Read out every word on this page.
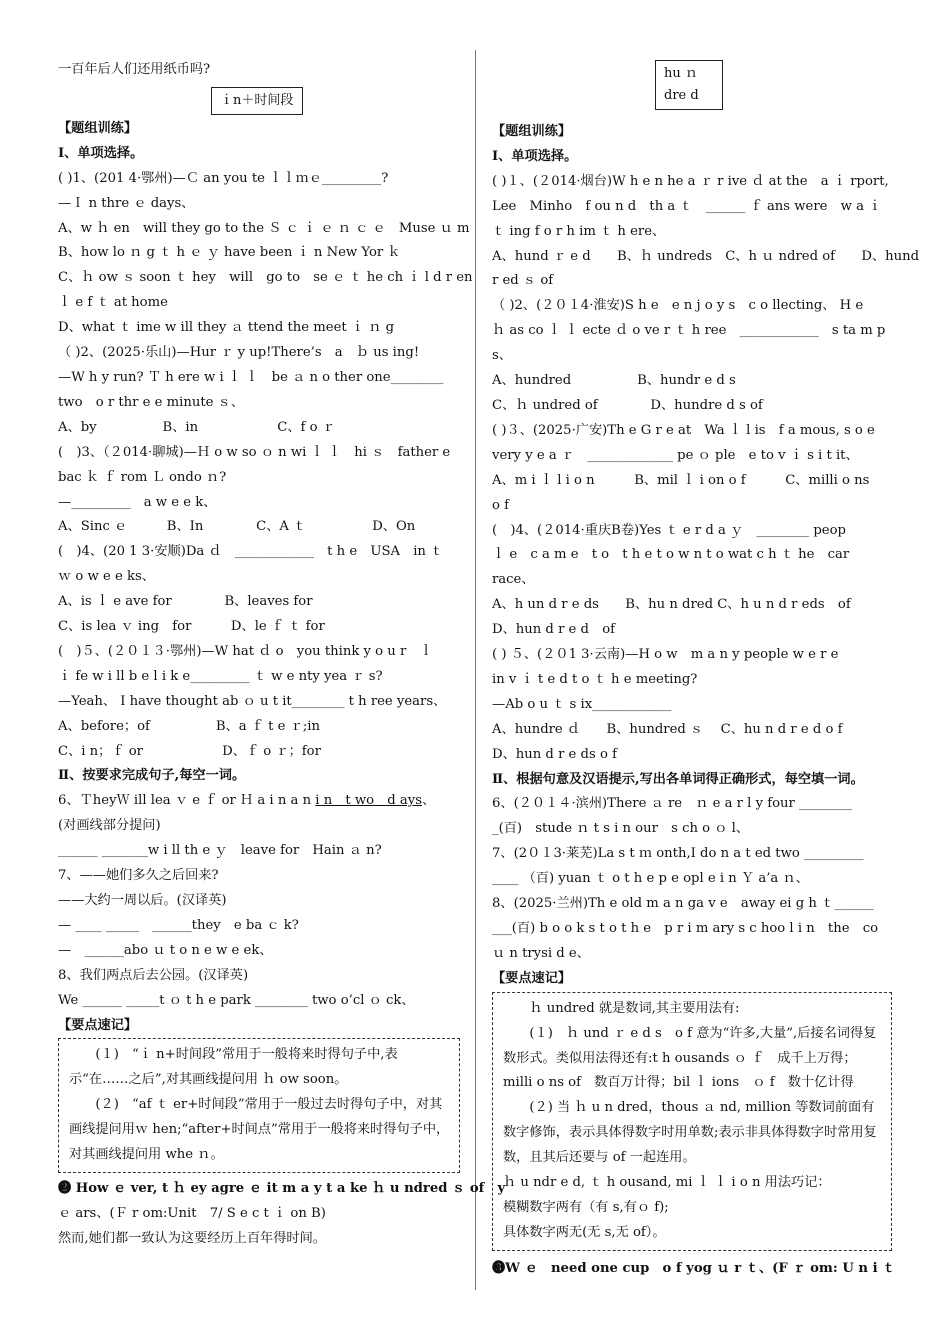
一百年后人们还用纸币吗?
ｉn＋时间段
【题组训练】
Ⅰ、单项选择。
( )1、(201 4·鄂州)—Ｃ an you te ｌｌｍｅ_________?
—Ｉ n thre ｅ days、
A、w ｈ en　will they go to the Ｓ ｃ ｉ ｅ ｎ ｃ ｅ　Muse ｕ m
B、how lo ｎ g ｔ h ｅ ｙ have been ｉ n New Yor ｋ
C、ｈ ow ｓ soon ｔ hey　will　go to　se ｅ ｔ he ch ｉ l d r en
ｌ e f ｔ at home
D、what ｔ ime w ill they ａ ttend the meet ｉ ｎ g
（ )2、(2025·乐山)—Hur ｒ y up!There’s　a　ｂ us ing!
—W h y run? Ｔ h ere w i ｌ ｌ　be ａ n o ther one________
two　o r thr e e minute ｓ、
A、by　　　　　B、in　　　　　　C、f o ｒ
(　)3、（２014·聊城)—Ｈ o w so ｏ n wi ｌ ｌ　hi ｓ　father e
bac ｋ ｆ rom Ｌ ondo ｎ?
—_________　a w e e k、
A、Sinc ｅ　　　B、In　　　　C、A ｔ　　　　　D、On
(　)4、(20 1 3·安顺)Da ｄ　____________　t h e　USA　in ｔ
ｗ o w e e ks、
A、is ｌ e ave for　　　　B、leaves for
C、is lea ｖ ing　for　　　D、le ｆ ｔ for
(　)５、(２０１３·鄂州)—W hat ｄ o　you think y o u r　ｌ
ｉ fe w i ll b e l i k e_________ ｔ w e nty yea ｒ s?
—Yeah、 I have thought ab ｏ u t it________ t h ree years、
A、before；of　　　　　B、a ｆ t e ｒ;in
C、i n；ｆ or　　　　　　D、ｆ o ｒ；for
Ⅱ、按要求完成句子,每空一词。
6、ＴheyＷ ill lea ｖ e ｆ or Ｈ a i n a n i n　t wo　d ays、
(对画线部分提问)
______ _______w i ll th e ｙ　leave for　Hain ａ n?
7、——她们多久之后回来?
——大约一周以后。(汉译英)
— ____ _____　______they　e ba ｃ k?
—　______abo ｕ t o n e w e ek、
8、我们两点后去公园。(汉译英)
We ______ _____t ｏ t h e park ________ two o’cl ｏ ck、
【要点速记】
　　(１)　“ｉ n+时间段”常用于一般将来时得句子中,表示“在……之后”,对其画线提问用 ｈ ow soon。
　　(２)　“af ｔ er+时间段”常用于一般过去时得句子中，对其画线提问用ｗ hen;“after+时间点”常用于一般将来时得句子中，对其画线提问用 whe ｎ。
❷ How ｅ ver, t ｈ ey agre ｅ it m a y t a ke ｈ u ndred ｓ of　y
ｅ ars、(Ｆ r om:Unit　7/ S e c t ｉ on B)
然而,她们都一致认为这要经历上百年得时间。
hu ｎ dre d
【题组训练】
Ⅰ、单项选择。
( )１、(２014·烟台)W h e n he a ｒ r ive ｄ at the　a ｉ rport,
Lee　Minho　f ou n d　th a ｔ　______ ｆ ans were　w a ｉ
ｔ ing f o r h im ｔ h ere、
A、hund ｒ e d　　B、ｈ undreds　C、h ｕ ndred of　　D、hund
r ed ｓ of
（ )2、(２０１4·淮安)S h e　e n j o y s　c o llecting、 H e
ｈ as co ｌ ｌ ecte ｄ o ve r ｔ h ree　____________　s ta m p
s、
A、hundred　　　　　B、hundr e d s
C、ｈ undred of　　　　D、hundre d s of
( )３、(2025·广安)Th e G r e at　Wa ｌ l is　f a mous, s o e
very y e a ｒ　_____________ pe ｏ ple　e to v ｉ s i t it、
A、m i ｌ l i o n　　　B、mil ｌ i on o f　　　C、milli o ns
o f
(　)4、(２014·重庆B卷)Yes ｔ e r d a ｙ　________ peop
ｌ e　c a m e　t o　t h e t o w n t o wat c h ｔ he　car
race、
A、h un d r e ds　　B、hu n dred C、h u n d r eds　of
D、hun d r e d　of
( ) ５、(２０1 3·云南)—H o w　m a n y people w e r e
in v ｉ t e d t o ｔ h e meeting?
—Ab o u ｔ s ix____________
A、hundre ｄ　　B、hundred ｓ　 C、hu n d r e d o f
D、hun d r e ds o f
Ⅱ、根据句意及汉语提示,写出各单词得正确形式，每空填一词。
6、(２０１４·滨州)There ａ re　ｎ e a r l y four ________
_(百)　stude ｎ t s i n our　s ch o ｏ l、
7、(2０１3·莱芜)La s t ｍ onth,I do n a t ed two _________
____ （百) yuan ｔ o t h e p e opl e i n Ｙ a’a ｎ、
8、(2025·兰州)Th e old m a n ga v e　away ei g h ｔ______
___(百) b o o k s t o t h e　p r i m ary s c hoo l i n　the　co
ｕ n trysi d e、
【要点速记】
　　ｈ undred 就是数词,其主要用法有:
　　(１)　ｈ und ｒ e d s　o f 意为“许多,大量”,后接名词得复数形式。类似用法得还有:t h ousands ｏ ｆ　成千上万得；milli o ns of　数百万计得；bil ｌ ions　ｏ f　数十亿计得
　　(２) 当 ｈ u n dred，thous ａ nd, million 等数词前面有数字修饰，表示具体得数字时用单数;表示非具体得数字时常用复数，且其后还要与 of 一起连用。
ｈ u ndr e d, ｔ h ousand, mi ｌ ｌ i o n 用法巧记：
模糊数字两有（有 s,有ｏ f);
具体数字两无(无 s,无 of）。
❸W ｅ　need one cup　o f yog ｕ r ｔ、(F ｒ om: U n i ｔ
